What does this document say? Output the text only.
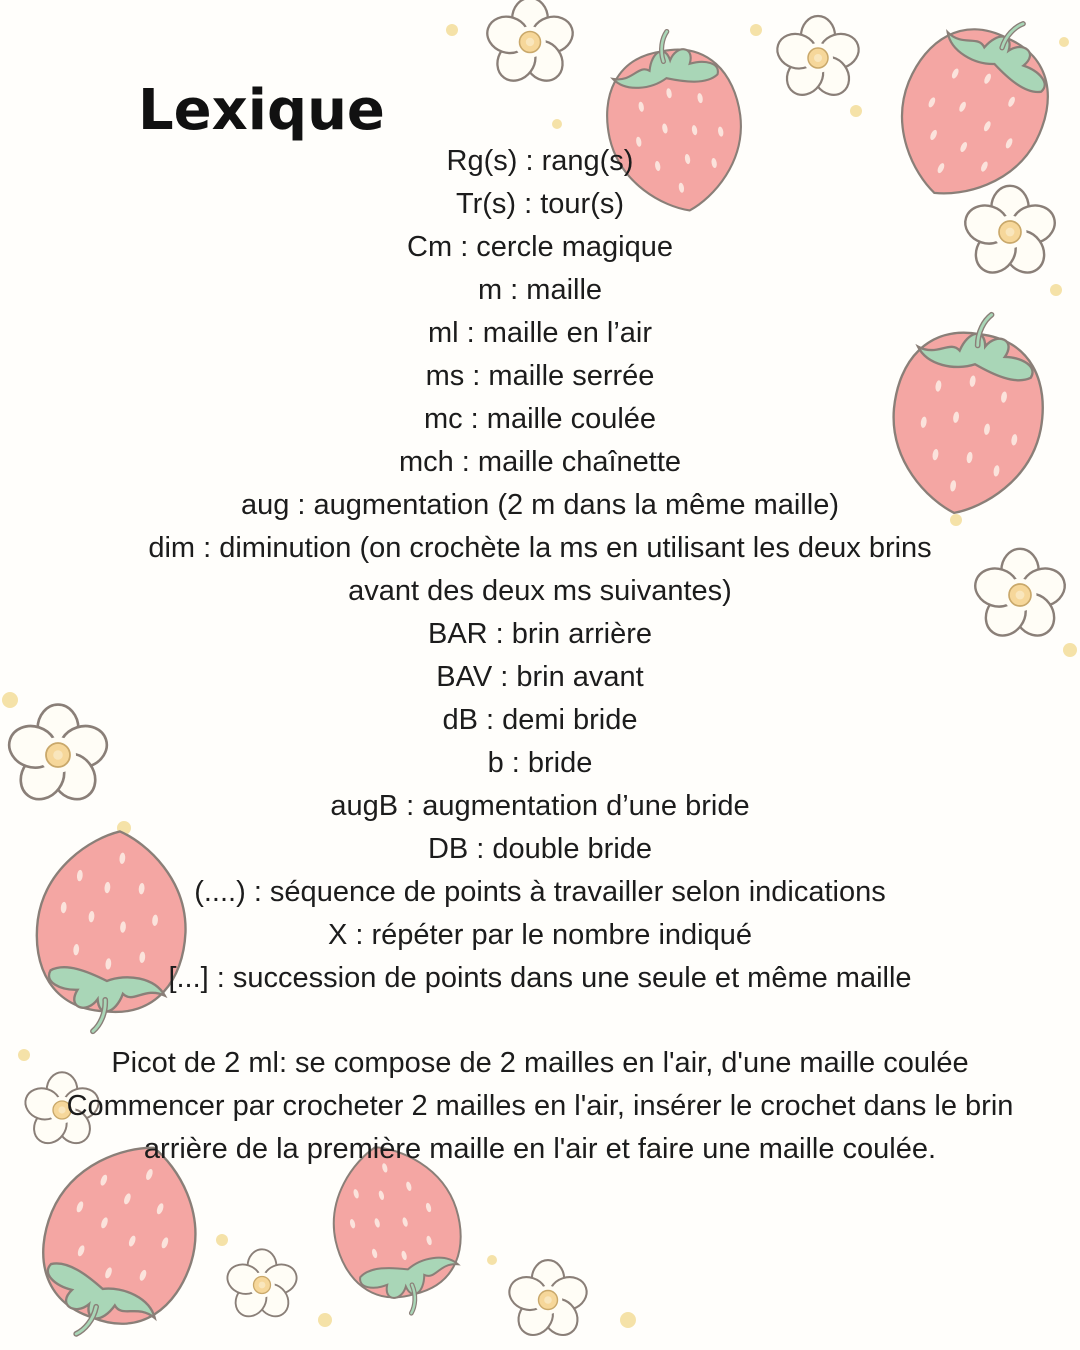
Lexique
Rg(s) : rang(s)
Tr(s) : tour(s)
Cm : cercle magique
m : maille
ml : maille en l’air
ms : maille serrée
mc : maille coulée
mch : maille chaînette
aug : augmentation (2 m dans la même maille)
dim : diminution (on crochète la ms en utilisant les deux brins
avant des deux ms suivantes)
BAR : brin arrière
BAV : brin avant
dB : demi bride
b : bride
augB : augmentation d’une bride
DB : double bride
(....) : séquence de points à travailler selon indications
X : répéter par le nombre indiqué
[...] : succession de points dans une seule et même maille

Picot de 2 ml: se compose de 2 mailles en l'air, d'une maille coulée Commencer par crocheter 2 mailles en l'air, insérer le crochet dans le brin arrière de la première maille en l'air et faire une maille coulée.
